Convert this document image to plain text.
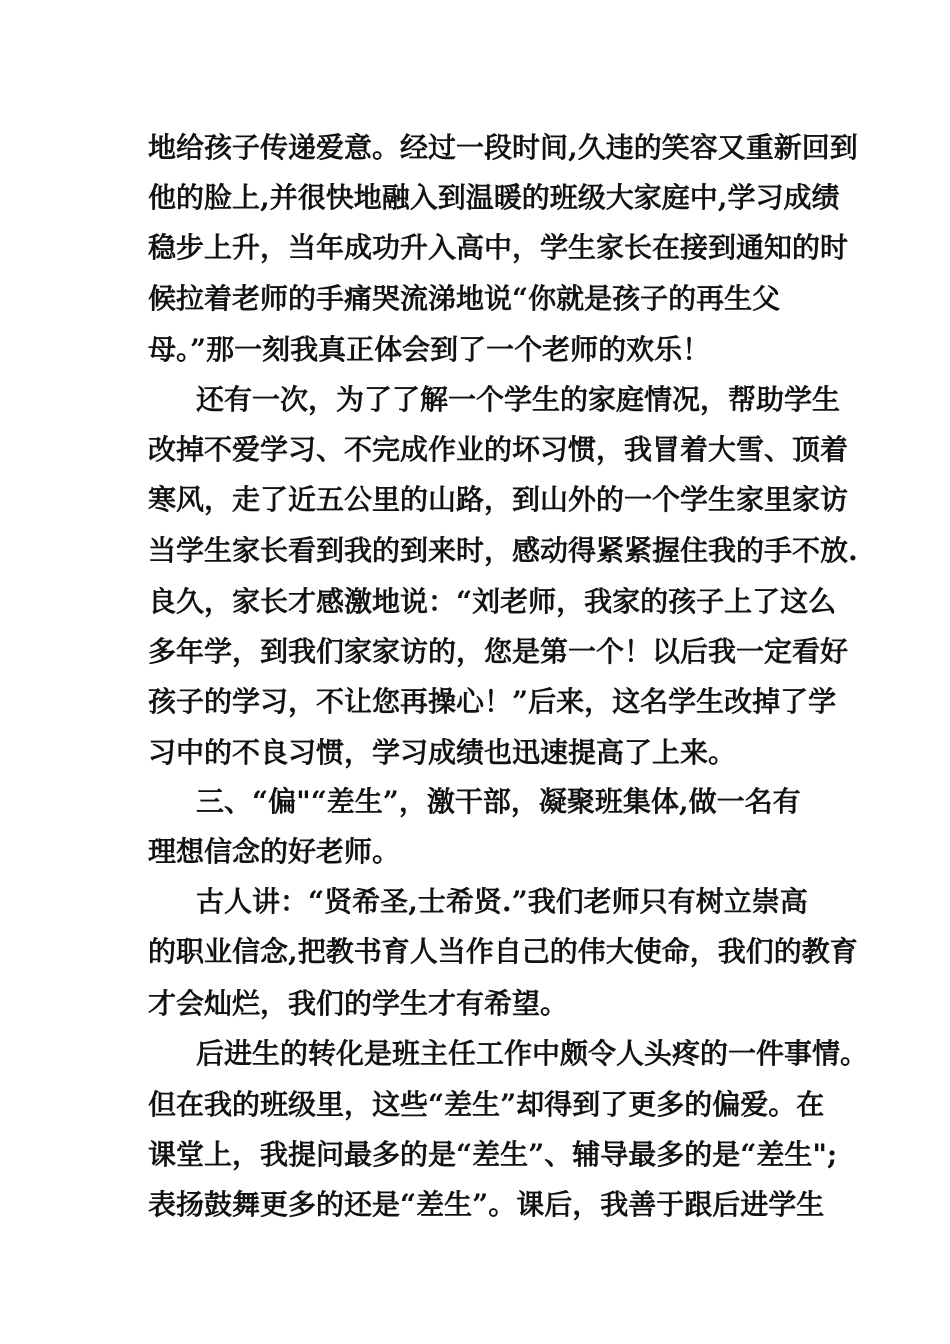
地给孩子传递爱意。经过一段时间,久违的笑容又重新回到
他的脸上,并很快地融入到温暖的班级大家庭中,学习成绩
稳步上升，当年成功升入高中，学生家长在接到通知的时
候拉着老师的手痛哭流涕地说“你就是孩子的再生父
母。”那一刻我真正体会到了一个老师的欢乐！
还有一次，为了了解一个学生的家庭情况，帮助学生
改掉不爱学习、不完成作业的坏习惯，我冒着大雪、顶着
寒风，走了近五公里的山路，到山外的一个学生家里家访
当学生家长看到我的到来时，感动得紧紧握住我的手不放.
良久，家长才感激地说：“刘老师，我家的孩子上了这么
多年学，到我们家家访的，您是第一个！以后我一定看好
孩子的学习，不让您再操心！”后来，这名学生改掉了学
习中的不良习惯，学习成绩也迅速提高了上来。
三、“偏"“差生”，激干部，凝聚班集体,做一名有
理想信念的好老师。
古人讲：“贤希圣,士希贤.”我们老师只有树立崇高
的职业信念,把教书育人当作自己的伟大使命，我们的教育
才会灿烂，我们的学生才有希望。
后进生的转化是班主任工作中颇令人头疼的一件事情。
但在我的班级里，这些“差生”却得到了更多的偏爱。在
课堂上，我提问最多的是“差生”、辅导最多的是“差生";
表扬鼓舞更多的还是“差生”。课后，我善于跟后进学生
